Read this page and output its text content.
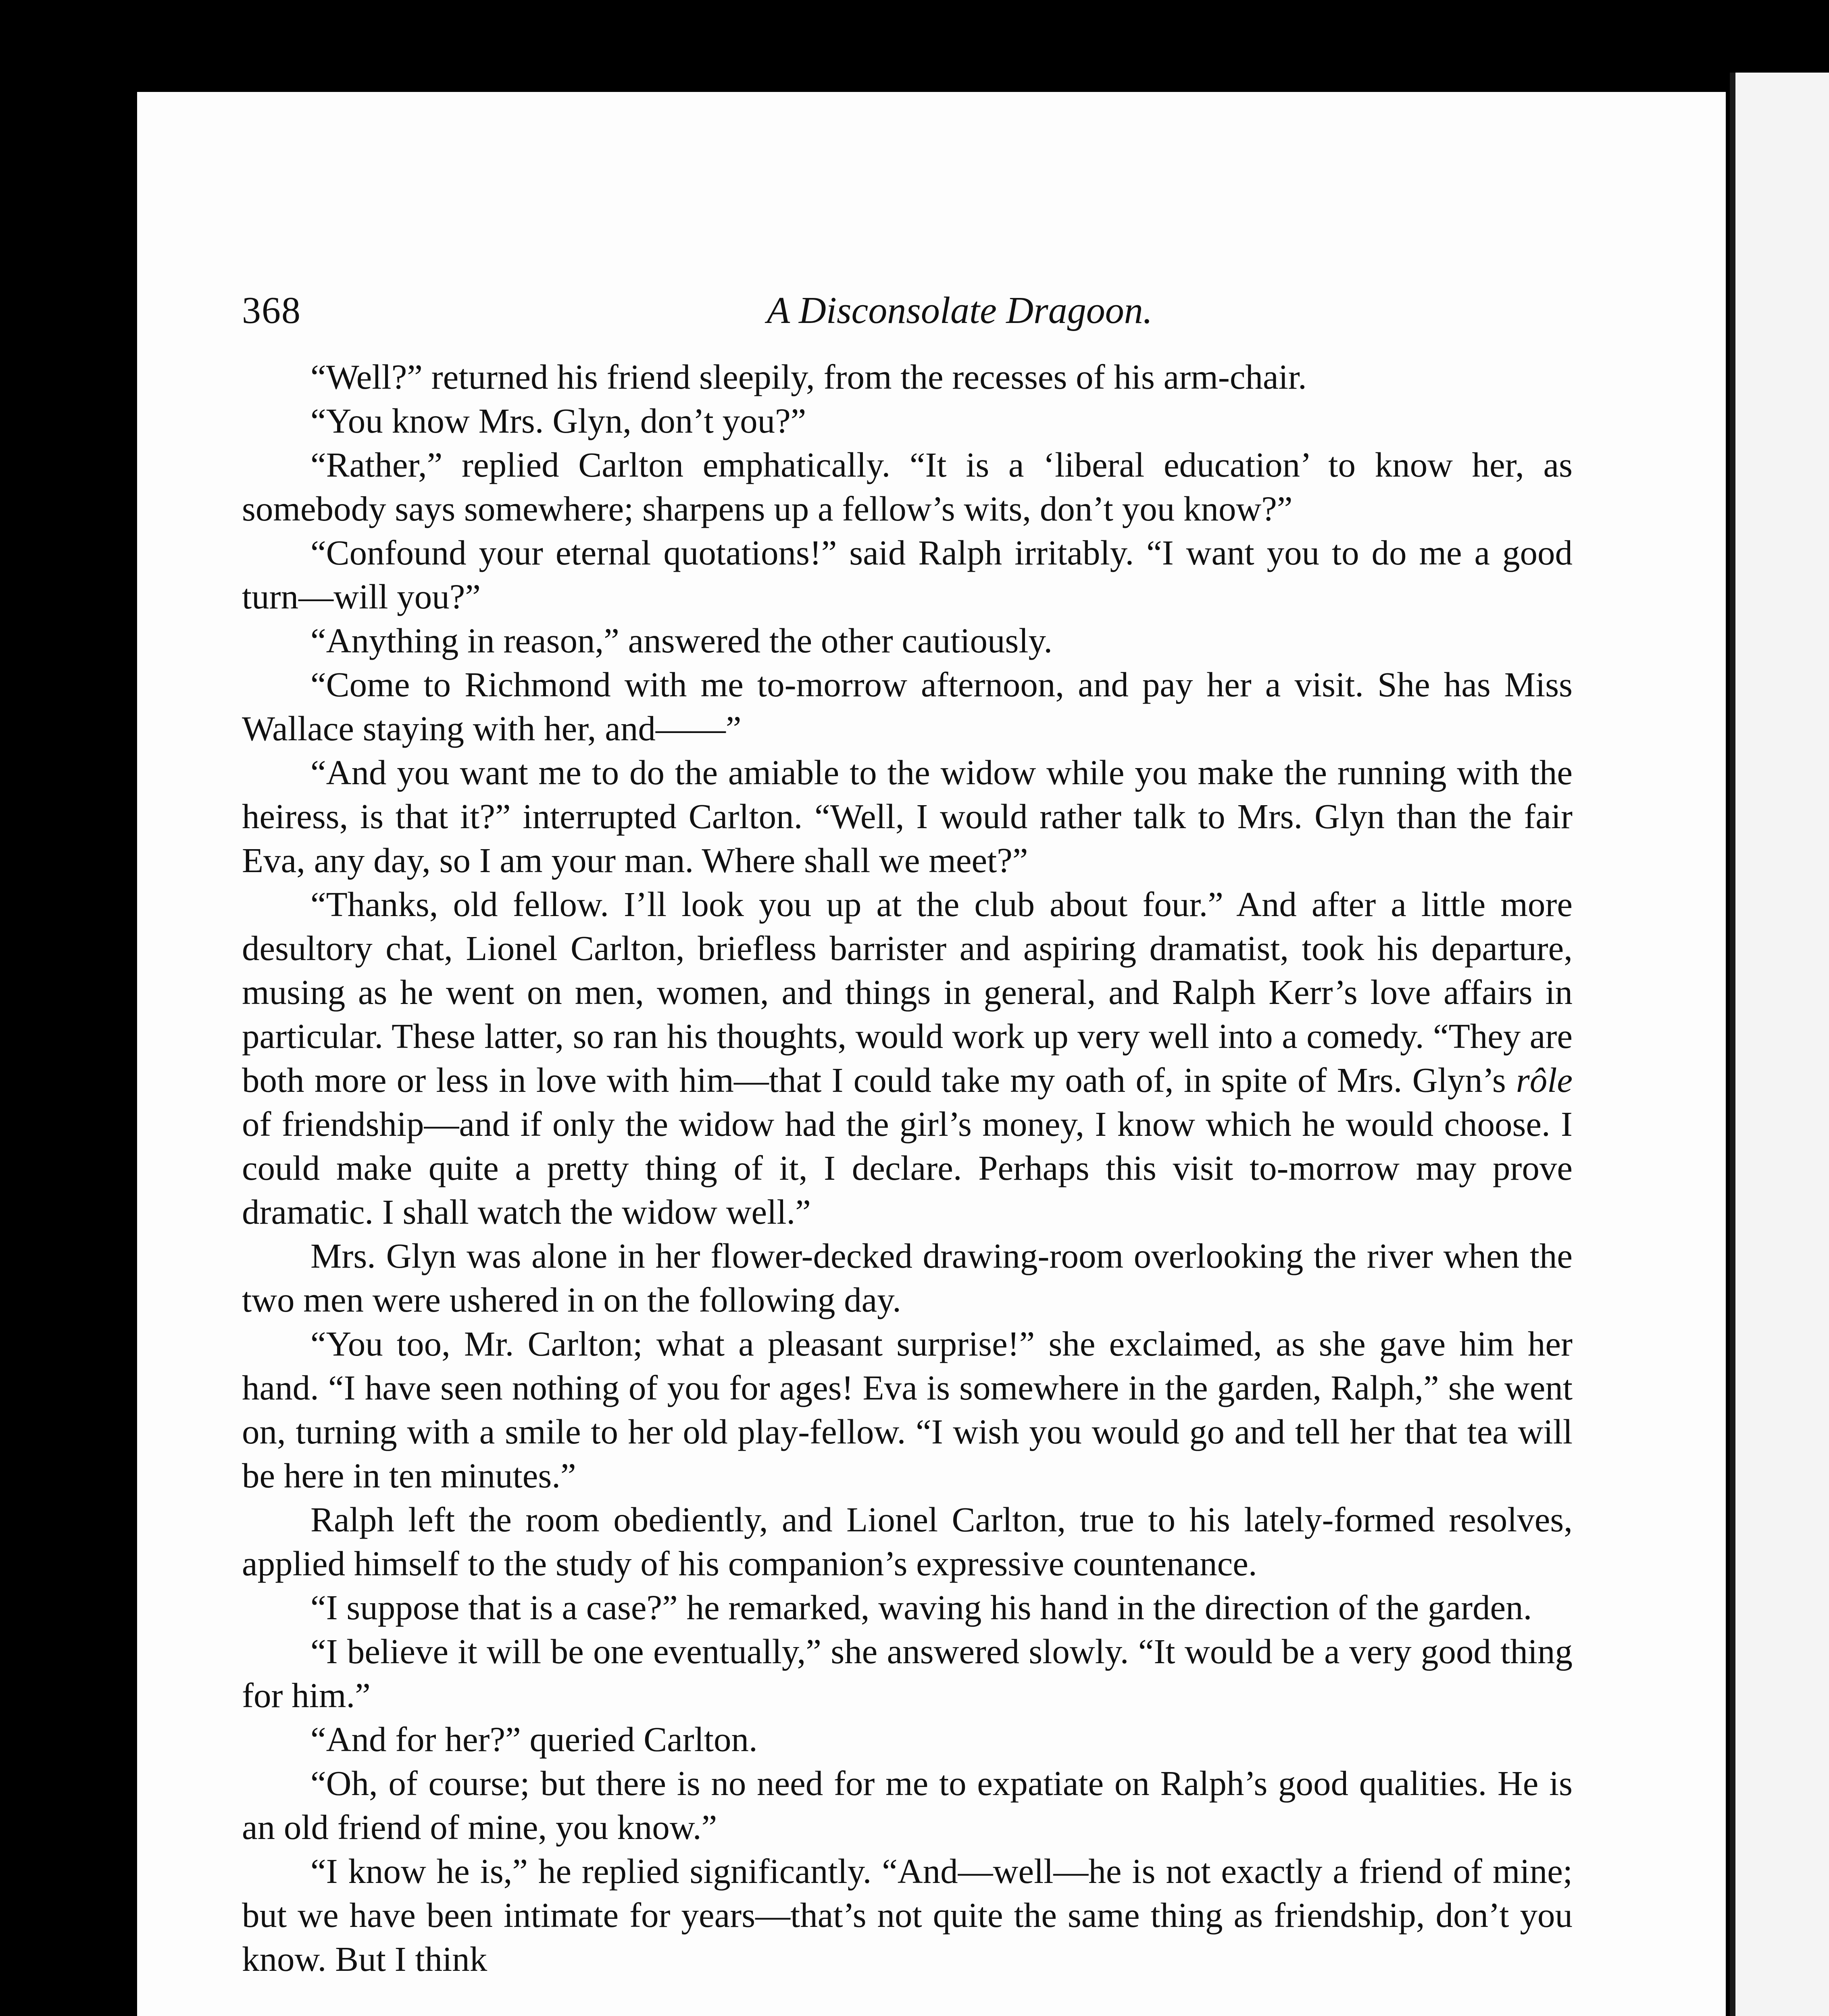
368	A Disconsolate Dragoon.

“Well?” returned his friend sleepily, from the recesses of his arm-chair.

“You know Mrs. Glyn, don’t you?”

“Rather,” replied Carlton emphatically. “It is a ‘liberal education’ to know her, as somebody says somewhere; sharpens up a fellow’s wits, don’t you know?”

“Confound your eternal quotations!” said Ralph irritably. “I want you to do me a good turn—will you?”

“Anything in reason,” answered the other cautiously.

“Come to Richmond with me to-morrow afternoon, and pay her a visit. She has Miss Wallace staying with her, and——”

“And you want me to do the amiable to the widow while you make the running with the heiress, is that it?” interrupted Carlton. “Well, I would rather talk to Mrs. Glyn than the fair Eva, any day, so I am your man. Where shall we meet?”

“Thanks, old fellow. I’ll look you up at the club about four.” And after a little more desultory chat, Lionel Carlton, briefless barrister and aspiring dramatist, took his departure, musing as he went on men, women, and things in general, and Ralph Kerr’s love affairs in particular. These latter, so ran his thoughts, would work up very well into a comedy. “They are both more or less in love with him—that I could take my oath of, in spite of Mrs. Glyn’s rôle of friendship—and if only the widow had the girl’s money, I know which he would choose. I could make quite a pretty thing of it, I declare. Perhaps this visit to-morrow may prove dramatic. I shall watch the widow well.”

Mrs. Glyn was alone in her flower-decked drawing-room overlooking the river when the two men were ushered in on the following day.

“You too, Mr. Carlton; what a pleasant surprise!” she exclaimed, as she gave him her hand. “I have seen nothing of you for ages! Eva is somewhere in the garden, Ralph,” she went on, turning with a smile to her old play-fellow. “I wish you would go and tell her that tea will be here in ten minutes.”

Ralph left the room obediently, and Lionel Carlton, true to his lately-formed resolves, applied himself to the study of his companion’s expressive countenance.

“I suppose that is a case?” he remarked, waving his hand in the direction of the garden.

“I believe it will be one eventually,” she answered slowly. “It would be a very good thing for him.”

“And for her?” queried Carlton.

“Oh, of course; but there is no need for me to expatiate on Ralph’s good qualities. He is an old friend of mine, you know.”

“I know he is,” he replied significantly. “And—well—he is not exactly a friend of mine; but we have been intimate for years—that’s not quite the same thing as friendship, don’t you know. But I think
